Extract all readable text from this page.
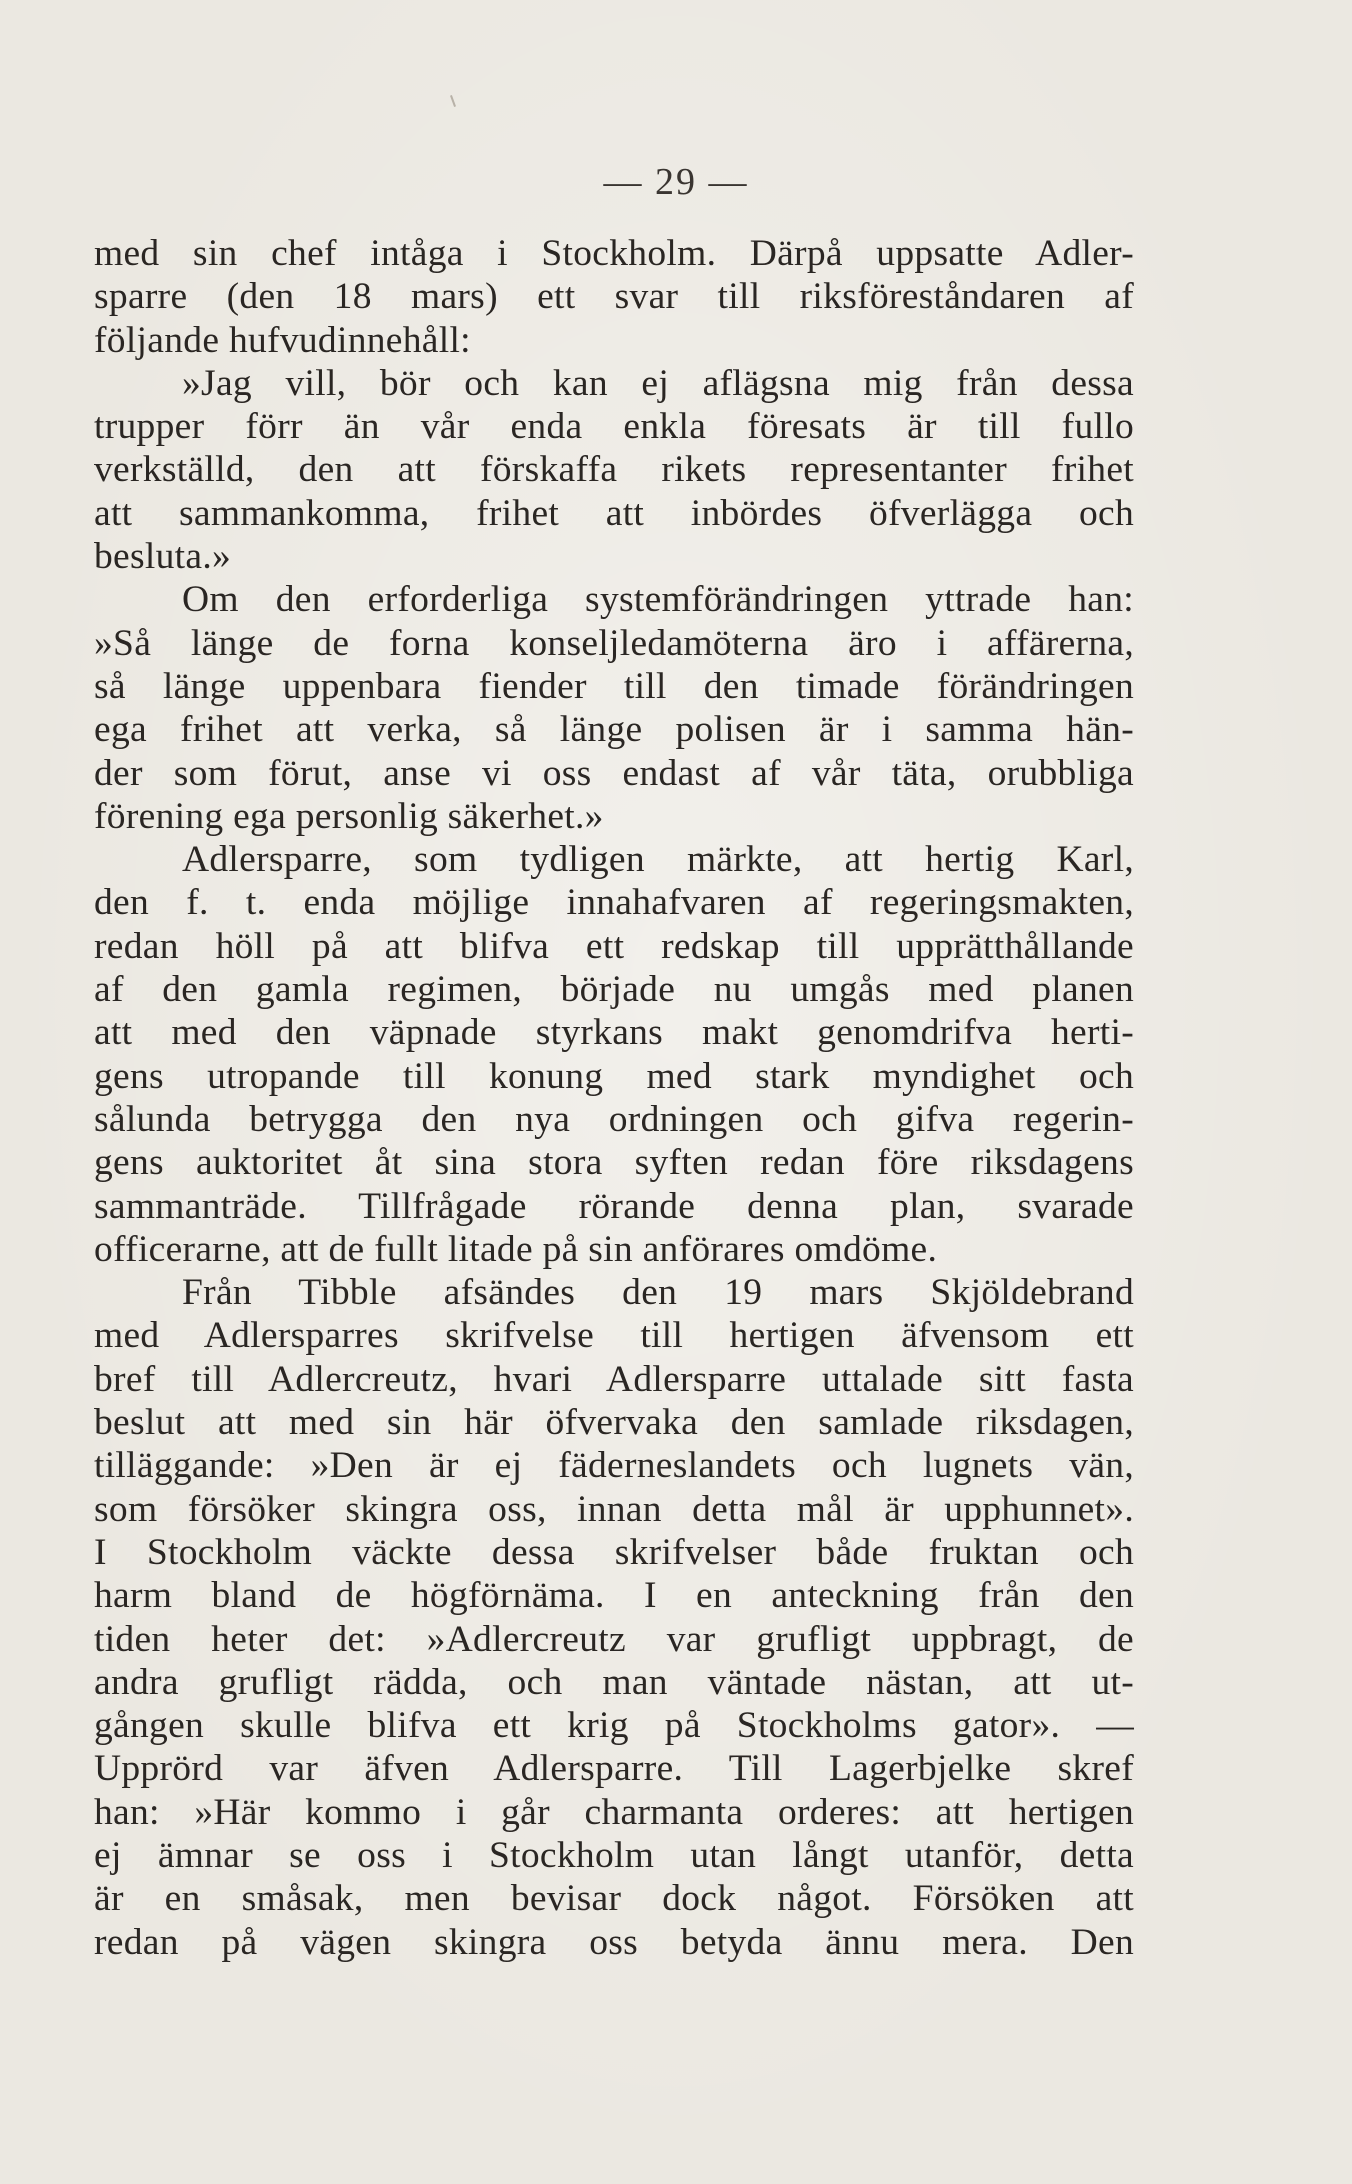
— 29 —
med sin chef intåga i Stockholm. Därpå uppsatte Adler-
sparre (den 18 mars) ett svar till riksföreståndaren af
följande hufvudinnehåll:
»Jag vill, bör och kan ej aflägsna mig från dessa
trupper förr än vår enda enkla föresats är till fullo
verkställd, den att förskaffa rikets representanter frihet
att sammankomma, frihet att inbördes öfverlägga och
besluta.»
Om den erforderliga systemförändringen yttrade han:
»Så länge de forna konseljledamöterna äro i affärerna,
så länge uppenbara fiender till den timade förändringen
ega frihet att verka, så länge polisen är i samma hän-
der som förut, anse vi oss endast af vår täta, orubbliga
förening ega personlig säkerhet.»
Adlersparre, som tydligen märkte, att hertig Karl,
den f. t. enda möjlige innahafvaren af regeringsmakten,
redan höll på att blifva ett redskap till upprätthållande
af den gamla regimen, började nu umgås med planen
att med den väpnade styrkans makt genomdrifva herti-
gens utropande till konung med stark myndighet och
sålunda betrygga den nya ordningen och gifva regerin-
gens auktoritet åt sina stora syften redan före riksdagens
sammanträde. Tillfrågade rörande denna plan, svarade
officerarne, att de fullt litade på sin anförares omdöme.
Från Tibble afsändes den 19 mars Skjöldebrand
med Adlersparres skrifvelse till hertigen äfvensom ett
bref till Adlercreutz, hvari Adlersparre uttalade sitt fasta
beslut att med sin här öfvervaka den samlade riksdagen,
tilläggande: »Den är ej fäderneslandets och lugnets vän,
som försöker skingra oss, innan detta mål är upphunnet».
I Stockholm väckte dessa skrifvelser både fruktan och
harm bland de högförnäma. I en anteckning från den
tiden heter det: »Adlercreutz var grufligt uppbragt, de
andra grufligt rädda, och man väntade nästan, att ut-
gången skulle blifva ett krig på Stockholms gator». —
Upprörd var äfven Adlersparre. Till Lagerbjelke skref
han: »Här kommo i går charmanta orderes: att hertigen
ej ämnar se oss i Stockholm utan långt utanför, detta
är en småsak, men bevisar dock något. Försöken att
redan på vägen skingra oss betyda ännu mera. Den
